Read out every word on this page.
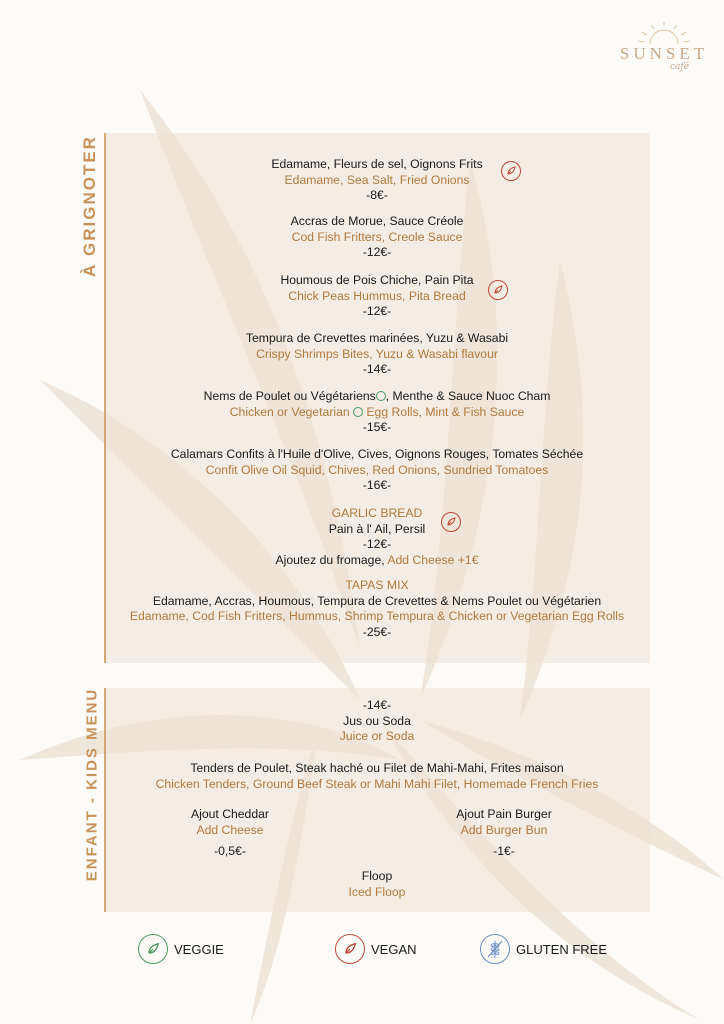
SUNSET
café
À GRIGNOTER	Edamame, Fleurs de sel, Oignons Frits
Edamame, Sea Salt, Fried Onions
-8€-
Accras de Morue, Sauce Créole
Cod Fish Fritters, Creole Sauce
-12€-
Houmous de Pois Chiche, Pain Pita
Chick Peas Hummus, Pita Bread
-12€-
Tempura de Crevettes marinées, Yuzu & Wasabi
Crispy Shrimps Bites, Yuzu & Wasabi flavour
-14€-
Nems de Poulet ou Végétariens , Menthe & Sauce Nuoc Cham
Chicken or Vegetarian  Egg Rolls, Mint & Fish Sauce
-15€-
Calamars Confits à l'Huile d'Olive, Cives, Oignons Rouges, Tomates Séchée
Confit Olive Oil Squid, Chives, Red Onions, Sundried Tomatoes
-16€-
GARLIC BREAD
Pain à l' Ail, Persil
-12€-
Ajoutez du fromage, Add Cheese +1€
TAPAS MIX
Edamame, Accras, Houmous, Tempura de Crevettes & Nems Poulet ou Végétarien
Edamame, Cod Fish Fritters, Hummus, Shrimp Tempura & Chicken or Vegetarian Egg Rolls
-25€-
ENFANT - KIDS MENU	-14€-
Jus ou Soda
Juice or Soda
Tenders de Poulet, Steak haché ou Filet de Mahi-Mahi, Frites maison
Chicken Tenders, Ground Beef Steak or Mahi Mahi Filet, Homemade French Fries
Ajout Cheddar
Add Cheese
-0,5€-
Ajout Pain Burger
Add Burger Bun
-1€-
Floop
Iced Floop
VEGGIE	VEGAN	GLUTEN FREE
